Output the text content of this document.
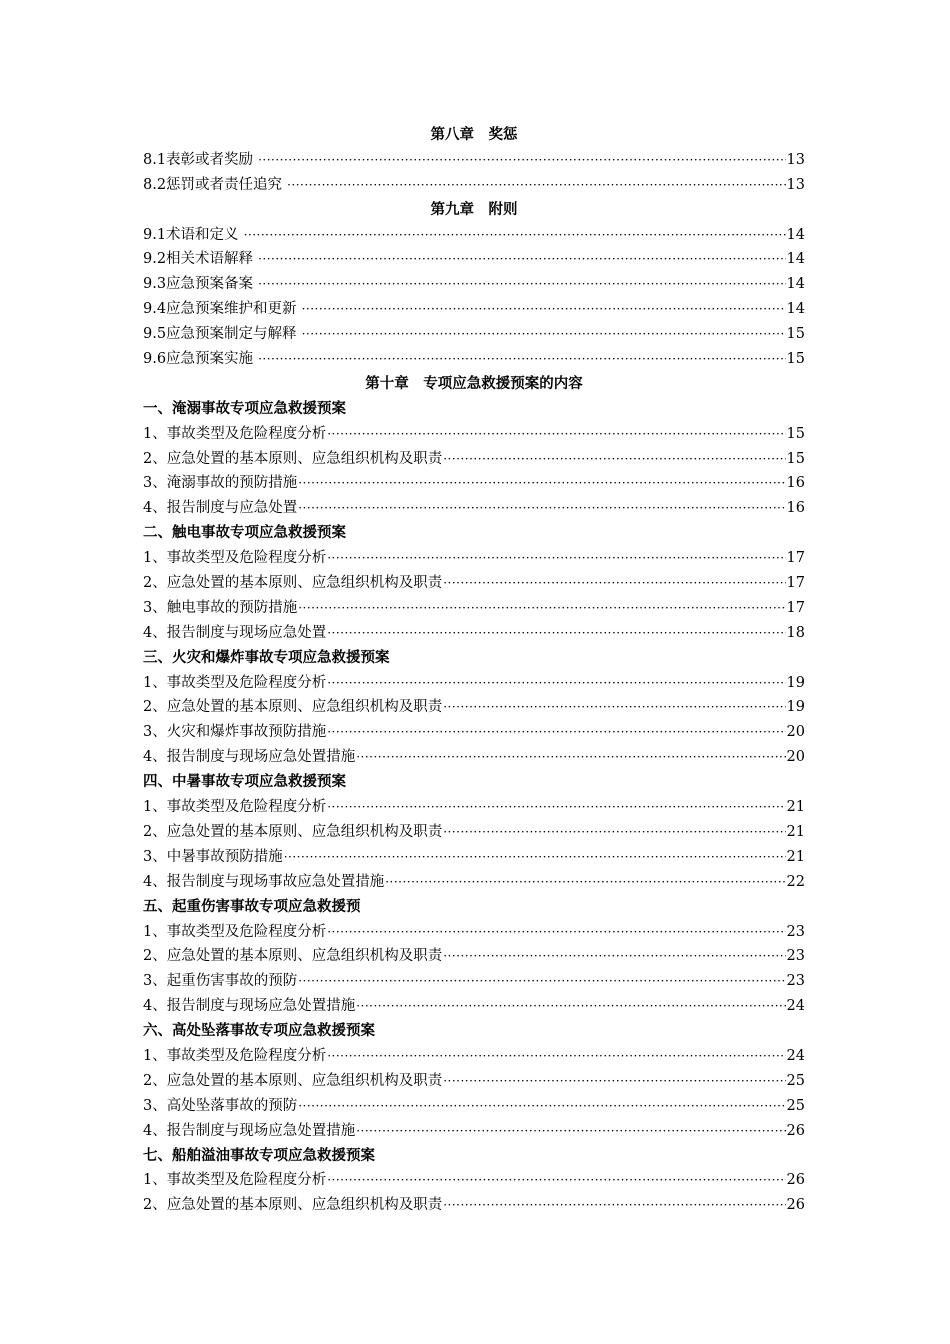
第八章　奖惩
8.1表彰或者奖励 ·····	13
8.2惩罚或者责任追究 ·····	13
第九章　附则
9.1术语和定义 ·····	14
9.2相关术语解释 ·····	14
9.3应急预案备案 ·····	14
9.4应急预案维护和更新 ·····	14
9.5应急预案制定与解释 ·····	15
9.6应急预案实施 ·····	15
第十章　专项应急救援预案的内容
一、淹溺事故专项应急救援预案
1、事故类型及危险程度分析 ·····	15
2、应急处置的基本原则、应急组织机构及职责 ·····	15
3、淹溺事故的预防措施 ·····	16
4、报告制度与应急处置 ·····	16
二、触电事故专项应急救援预案
1、事故类型及危险程度分析 ·····	17
2、应急处置的基本原则、应急组织机构及职责 ·····	17
3、触电事故的预防措施 ·····	17
4、报告制度与现场应急处置 ·····	18
三、火灾和爆炸事故专项应急救援预案
1、事故类型及危险程度分析 ·····	19
2、应急处置的基本原则、应急组织机构及职责 ·····	19
3、火灾和爆炸事故预防措施 ·····	20
4、报告制度与现场应急处置措施 ·····	20
四、中暑事故专项应急救援预案
1、事故类型及危险程度分析 ·····	21
2、应急处置的基本原则、应急组织机构及职责 ·····	21
3、中暑事故预防措施 ·····	21
4、报告制度与现场事故应急处置措施 ·····	22
五、起重伤害事故专项应急救援预
1、事故类型及危险程度分析 ·····	23
2、应急处置的基本原则、应急组织机构及职责 ·····	23
3、起重伤害事故的预防 ·····	23
4、报告制度与现场应急处置措施 ·····	24
六、高处坠落事故专项应急救援预案
1、事故类型及危险程度分析 ·····	24
2、应急处置的基本原则、应急组织机构及职责 ·····	25
3、高处坠落事故的预防 ·····	25
4、报告制度与现场应急处置措施 ·····	26
七、船舶溢油事故专项应急救援预案
1、事故类型及危险程度分析 ·····	26
2、应急处置的基本原则、应急组织机构及职责 ·····	26
